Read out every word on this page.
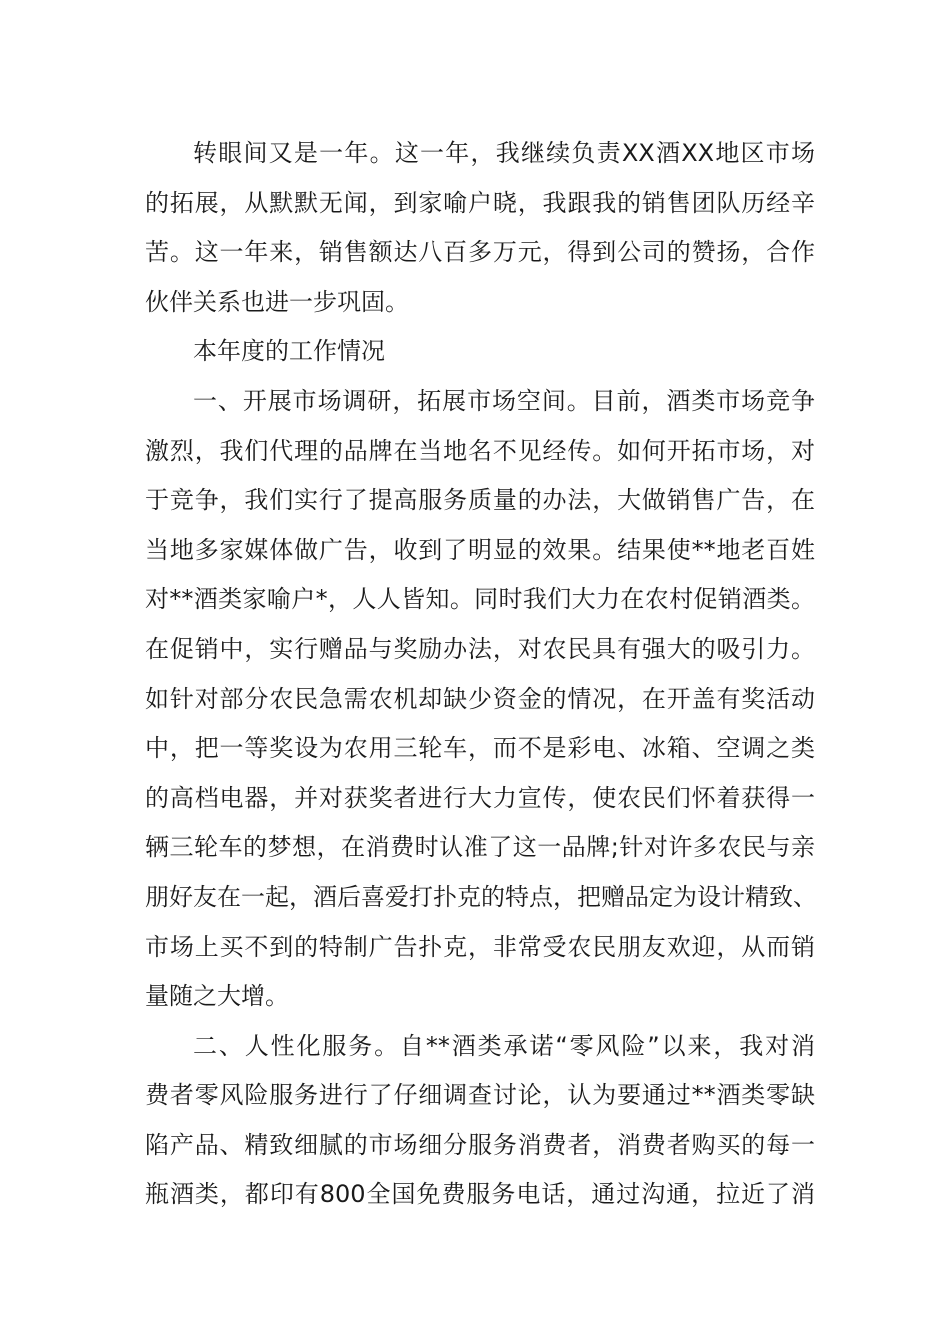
转眼间又是一年。这一年，我继续负责XX酒XX地区市场
的拓展，从默默无闻，到家喻户晓，我跟我的销售团队历经辛
苦。这一年来，销售额达八百多万元，得到公司的赞扬，合作
伙伴关系也进一步巩固。
本年度的工作情况
一、开展市场调研，拓展市场空间。目前，酒类市场竞争
激烈，我们代理的品牌在当地名不见经传。如何开拓市场，对
于竞争，我们实行了提高服务质量的办法，大做销售广告，在
当地多家媒体做广告，收到了明显的效果。结果使**地老百姓
对**酒类家喻户*，人人皆知。同时我们大力在农村促销酒类。
在促销中，实行赠品与奖励办法，对农民具有强大的吸引力。
如针对部分农民急需农机却缺少资金的情况，在开盖有奖活动
中，把一等奖设为农用三轮车，而不是彩电、冰箱、空调之类
的高档电器，并对获奖者进行大力宣传，使农民们怀着获得一
辆三轮车的梦想，在消费时认准了这一品牌;针对许多农民与亲
朋好友在一起，酒后喜爱打扑克的特点，把赠品定为设计精致、
市场上买不到的特制广告扑克，非常受农民朋友欢迎，从而销
量随之大增。
二、人性化服务。自**酒类承诺“零风险”以来，我对消
费者零风险服务进行了仔细调查讨论，认为要通过**酒类零缺
陷产品、精致细腻的市场细分服务消费者，消费者购买的每一
瓶酒类，都印有800全国免费服务电话，通过沟通，拉近了消
